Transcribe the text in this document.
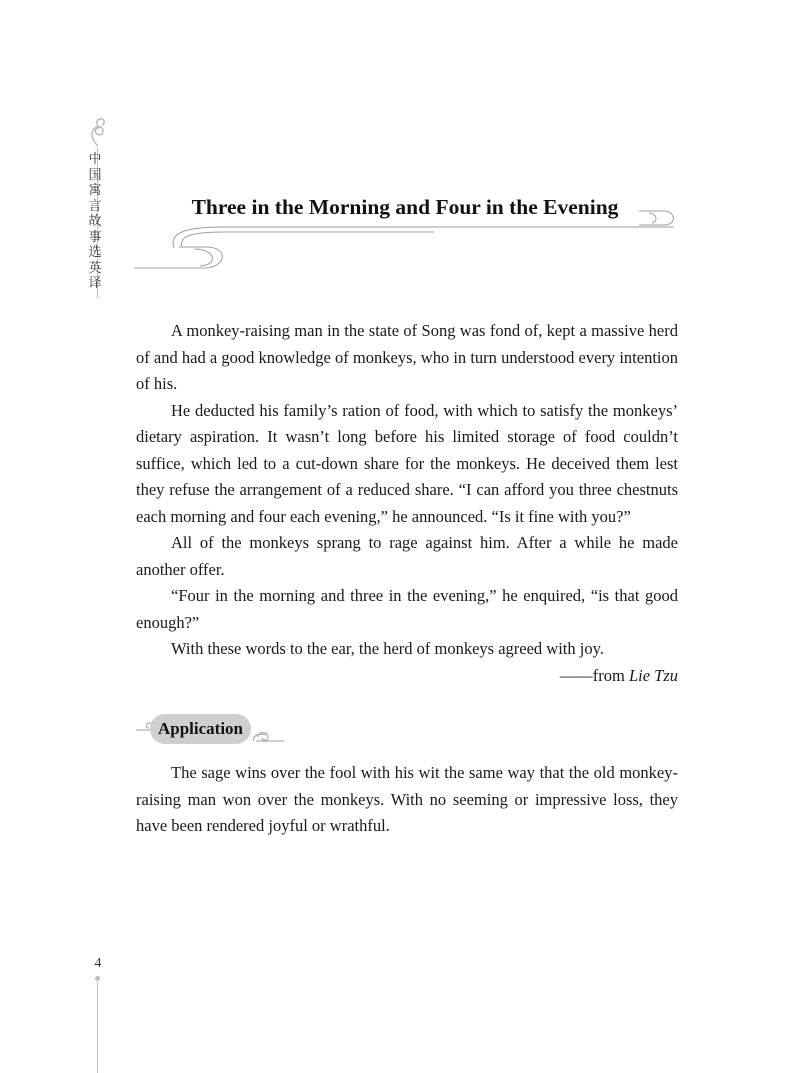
中国寓言故事选英译
Three in the Morning and Four in the Evening

A monkey-raising man in the state of Song was fond of, kept a massive herd of and had a good knowledge of monkeys, who in turn understood every intention of his.

He deducted his family’s ration of food, with which to satisfy the monkeys’ dietary aspiration. It wasn’t long before his limited storage of food couldn’t suffice, which led to a cut-down share for the monkeys. He deceived them lest they refuse the arrangement of a reduced share. “I can afford you three chestnuts each morning and four each evening,” he announced. “Is it fine with you?”

All of the monkeys sprang to rage against him. After a while he made another offer.

“Four in the morning and three in the evening,” he enquired, “is that good enough?”

With these words to the ear, the herd of monkeys agreed with joy.

——from Lie Tzu

Application

The sage wins over the fool with his wit the same way that the old monkey-raising man won over the monkeys. With no seeming or impressive loss, they have been rendered joyful or wrathful.

4
